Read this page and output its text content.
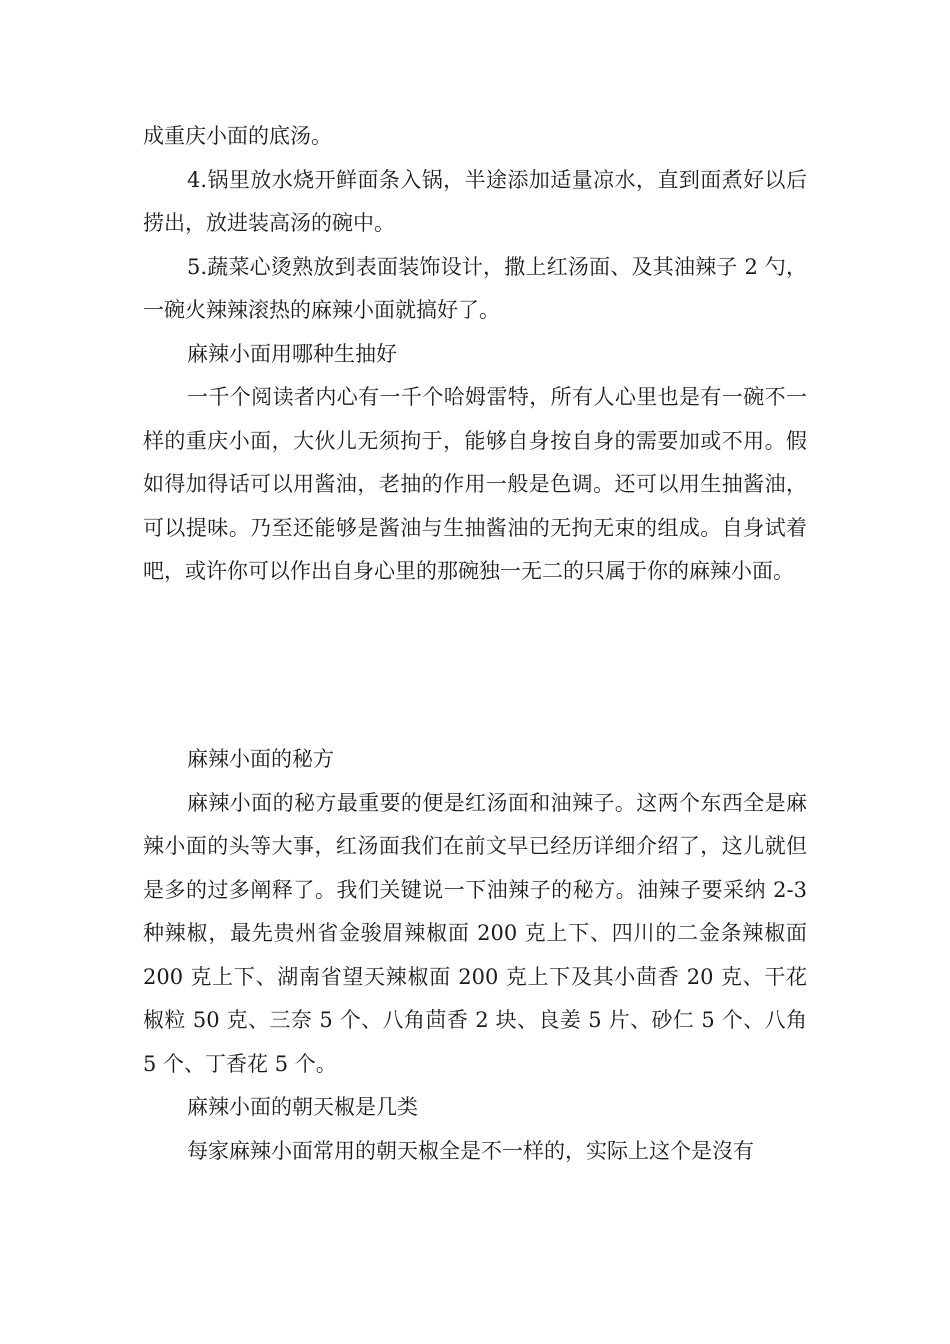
成重庆小面的底汤。

4.锅里放水烧开鲜面条入锅，半途添加适量凉水，直到面煮好以后捞出，放进装高汤的碗中。

5.蔬菜心烫熟放到表面装饰设计，撒上红汤面、及其油辣子 2 勺，一碗火辣辣滚热的麻辣小面就搞好了。

麻辣小面用哪种生抽好

一千个阅读者内心有一千个哈姆雷特，所有人心里也是有一碗不一样的重庆小面，大伙儿无须拘于，能够自身按自身的需要加或不用。假如得加得话可以用酱油，老抽的作用一般是色调。还可以用生抽酱油，可以提味。乃至还能够是酱油与生抽酱油的无拘无束的组成。自身试着吧，或许你可以作出自身心里的那碗独一无二的只属于你的麻辣小面。

麻辣小面的秘方

麻辣小面的秘方最重要的便是红汤面和油辣子。这两个东西全是麻辣小面的头等大事，红汤面我们在前文早已经历详细介绍了，这儿就但是多的过多阐释了。我们关键说一下油辣子的秘方。油辣子要采纳 2-3 种辣椒，最先贵州省金骏眉辣椒面 200 克上下、四川的二金条辣椒面 200 克上下、湖南省望天辣椒面 200 克上下及其小茴香 20 克、干花椒粒 50 克、三奈 5 个、八角茴香 2 块、良姜 5 片、砂仁 5 个、八角 5 个、丁香花 5 个。

麻辣小面的朝天椒是几类

每家麻辣小面常用的朝天椒全是不一样的，实际上这个是沒有
